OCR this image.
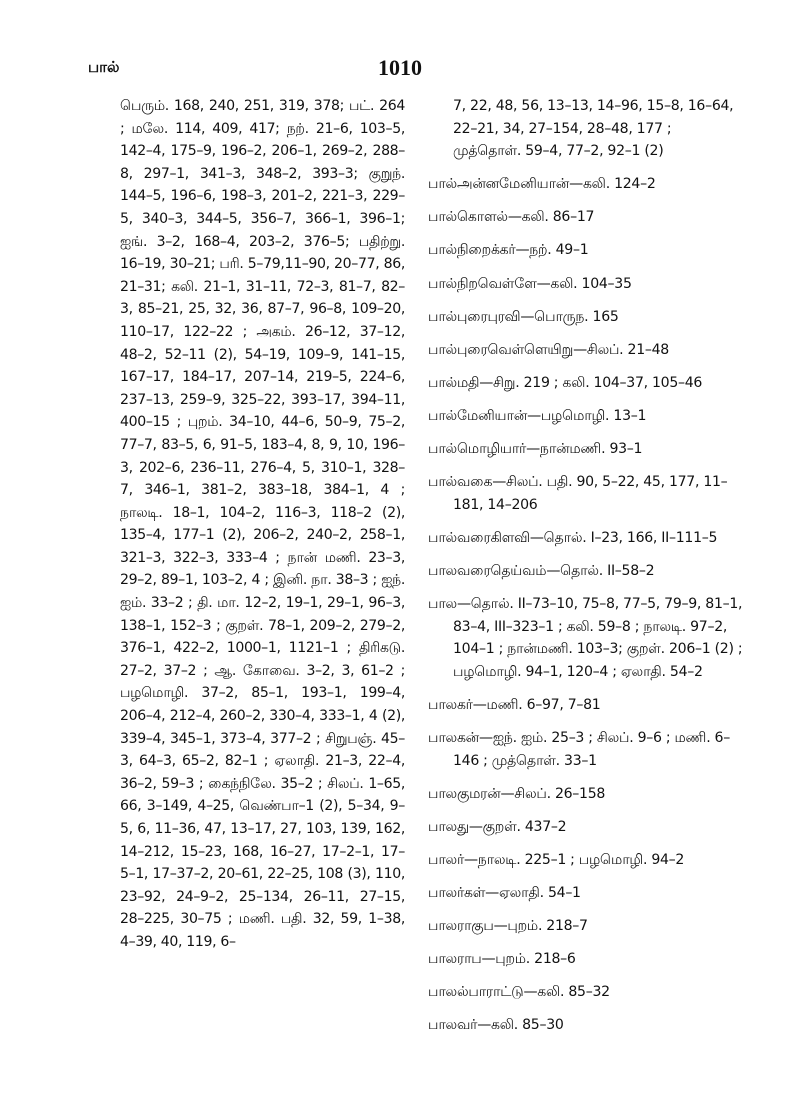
பால்	1010

பெரும். 168, 240, 251, 319, 378; பட். 264 ; மலே. 114, 409, 417; நற். 21–6, 103–5, 142–4, 175–9, 196–2, 206–1, 269–2, 288–8, 297–1, 341–3, 348–2, 393–3; குறுந். 144–5, 196–6, 198–3, 201–2, 221–3, 229–5, 340–3, 344–5, 356–7, 366–1, 396–1; ஐங். 3–2, 168–4, 203–2, 376–5; பதிற்று. 16–19, 30–21; பரி. 5–79,11–90, 20–77, 86, 21–31; கலி. 21–1, 31–11, 72–3, 81–7, 82–3, 85–21, 25, 32, 36, 87–7, 96–8, 109–20, 110–17, 122–22 ; அகம். 26–12, 37–12, 48–2, 52–11 (2), 54–19, 109–9, 141–15, 167–17, 184–17, 207–14, 219–5, 224–6, 237–13, 259–9, 325–22, 393–17, 394–11, 400–15 ; புறம். 34–10, 44–6, 50–9, 75–2, 77–7, 83–5, 6, 91–5, 183–4, 8, 9, 10, 196–3, 202–6, 236–11, 276–4, 5, 310–1, 328–7, 346–1, 381–2, 383–18, 384–1, 4 ; நாலடி. 18–1, 104–2, 116–3, 118–2 (2), 135–4, 177–1 (2), 206–2, 240–2, 258–1, 321–3, 322–3, 333–4 ; நான் மணி. 23–3, 29–2, 89–1, 103–2, 4 ; இனி. நா. 38–3 ; ஐந். ஐம். 33–2 ; தி. மா. 12–2, 19–1, 29–1, 96–3, 138–1, 152–3 ; குறள். 78–1, 209–2, 279–2, 376–1, 422–2, 1000–1, 1121–1 ; திரிகடு. 27–2, 37–2 ; ஆ. கோவை. 3–2, 3, 61–2 ; பழமொழி. 37–2, 85–1, 193–1, 199–4, 206–4, 212–4, 260–2, 330–4, 333–1, 4 (2), 339–4, 345–1, 373–4, 377–2 ; சிறுபஞ். 45–3, 64–3, 65–2, 82–1 ; ஏலாதி. 21–3, 22–4, 36–2, 59–3 ; கைந்நிலே. 35–2 ; சிலப். 1–65, 66, 3–149, 4–25, வெண்பா–1 (2), 5–34, 9–5, 6, 11–36, 47, 13–17, 27, 103, 139, 162, 14–212, 15–23, 168, 16–27, 17–2–1, 17–5–1, 17–37–2, 20–61, 22–25, 108 (3), 110, 23–92, 24–9–2, 25–134, 26–11, 27–15, 28–225, 30–75 ; மணி. பதி. 32, 59, 1–38, 4–39, 40, 119, 6–

7, 22, 48, 56, 13–13, 14–96, 15–8, 16–64, 22–21, 34, 27–154, 28–48, 177 ; முத்தொள். 59–4, 77–2, 92–1 (2)

பால்அன்னமேனியான்—கலி. 124–2

பால்கொளல்—கலி. 86–17

பால்நிறைக்கர்—நற். 49–1

பால்நிறவெள்ளே—கலி. 104–35

பால்புரைபுரவி—பொருந. 165

பால்புரைவெள்ளெயிறு—சிலப். 21–48

பால்மதி—சிறு. 219 ; கலி. 104–37, 105–46

பால்மேனியான்—பழமொழி. 13–1

பால்மொழியார்—நான்மணி. 93–1

பால்வகை—சிலப். பதி. 90, 5–22, 45, 177, 11–181, 14–206

பால்வரைகிளவி—தொல். I–23, 166, II–111–5

பாலவரைதெய்வம்—தொல். II–58–2

பால—தொல். II–73–10, 75–8, 77–5, 79–9, 81–1, 83–4, III–323–1 ; கலி. 59–8 ; நாலடி. 97–2, 104–1 ; நான்மணி. 103–3; குறள். 206–1 (2) ; பழமொழி. 94–1, 120–4 ; ஏலாதி. 54–2

பாலகர்—மணி. 6–97, 7–81

பாலகன்—ஐந். ஐம். 25–3 ; சிலப். 9–6 ; மணி. 6–146 ; முத்தொள். 33–1

பாலகுமரன்—சிலப். 26–158

பாலது—குறள். 437–2

பாலர்—நாலடி. 225–1 ; பழமொழி. 94–2

பாலர்கள்—ஏலாதி. 54–1

பாலராகுப—புறம். 218–7

பாலராப—புறம். 218–6

பாலல்பாராட்டு—கலி. 85–32

பாலவர்—கலி. 85–30
